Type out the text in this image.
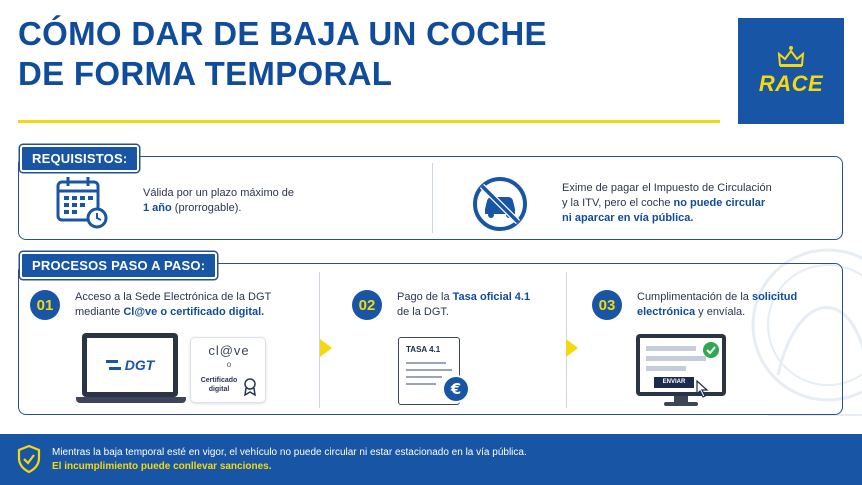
CÓMO DAR DE BAJA UN COCHE
DE FORMA TEMPORAL	RACE
REQUISISTOS:
Válida por un plazo máximo de
1 año (prorrogable).
Exime de pagar el Impuesto de Circulación
y la ITV, pero el coche no puede circular
ni aparcar en vía pública.
PROCESOS PASO A PASO:
01	Acceso a la Sede Electrónica de la DGT
mediante Cl@ve o certificado digital.
DGT
cl@ve
o
Certificado
digital
02	Pago de la Tasa oficial 4.1
de la DGT.
TASA 4.1
€
03	Cumplimentación de la solicitud
electrónica y envíala.
ENVIAR
Mientras la baja temporal esté en vigor, el vehículo no puede circular ni estar estacionado en la vía pública.
El incumplimiento puede conllevar sanciones.
